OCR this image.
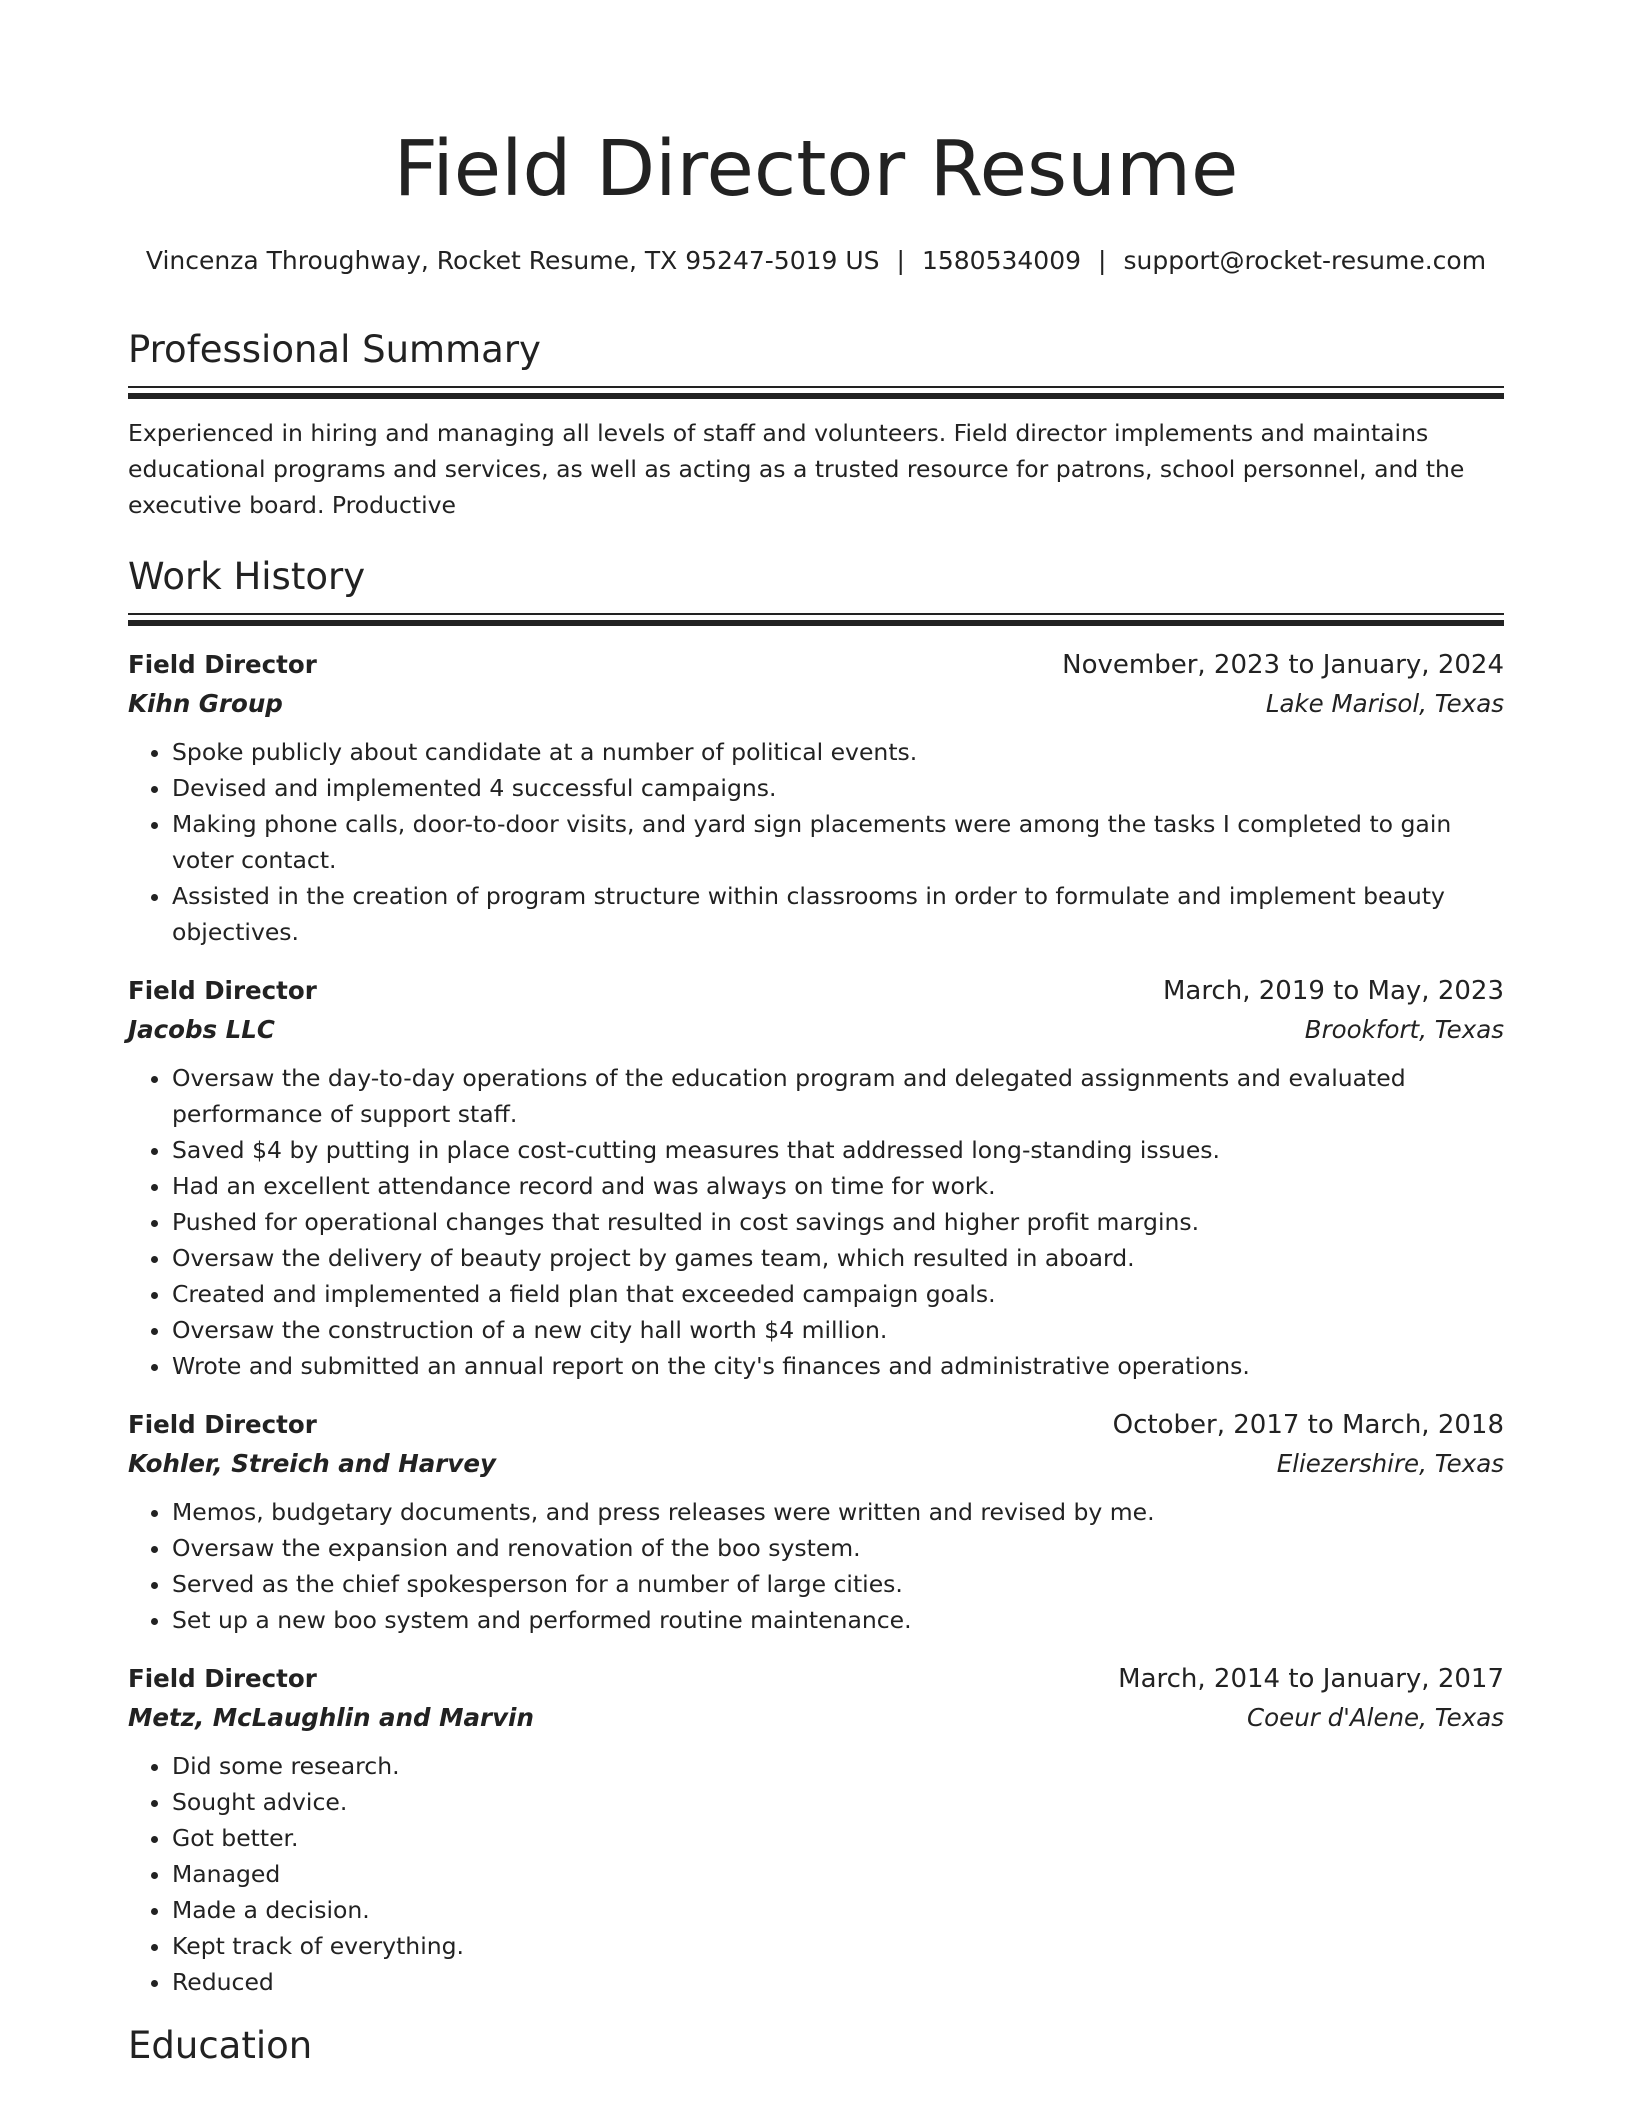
Field Director Resume
Vincenza Throughway, Rocket Resume, TX 95247-5019 US | 1580534009 | support@rocket-resume.com
Professional Summary

Experienced in hiring and managing all levels of staff and volunteers. Field director implements and maintains educational programs and services, as well as acting as a trusted resource for patrons, school personnel, and the executive board. Productive

Work History
Field Director	November, 2023 to January, 2024
Kihn Group	Lake Marisol, Texas
• Spoke publicly about candidate at a number of political events.
• Devised and implemented 4 successful campaigns.
• Making phone calls, door-to-door visits, and yard sign placements were among the tasks I completed to gain voter contact.
• Assisted in the creation of program structure within classrooms in order to formulate and implement beauty objectives.
Field Director	March, 2019 to May, 2023
Jacobs LLC	Brookfort, Texas
• Oversaw the day-to-day operations of the education program and delegated assignments and evaluated performance of support staff.
• Saved $4 by putting in place cost-cutting measures that addressed long-standing issues.
• Had an excellent attendance record and was always on time for work.
• Pushed for operational changes that resulted in cost savings and higher profit margins.
• Oversaw the delivery of beauty project by games team, which resulted in aboard.
• Created and implemented a field plan that exceeded campaign goals.
• Oversaw the construction of a new city hall worth $4 million.
• Wrote and submitted an annual report on the city's finances and administrative operations.
Field Director	October, 2017 to March, 2018
Kohler, Streich and Harvey	Eliezershire, Texas
• Memos, budgetary documents, and press releases were written and revised by me.
• Oversaw the expansion and renovation of the boo system.
• Served as the chief spokesperson for a number of large cities.
• Set up a new boo system and performed routine maintenance.
Field Director	March, 2014 to January, 2017
Metz, McLaughlin and Marvin	Coeur d'Alene, Texas
• Did some research.
• Sought advice.
• Got better.
• Managed
• Made a decision.
• Kept track of everything.
• Reduced
Education
